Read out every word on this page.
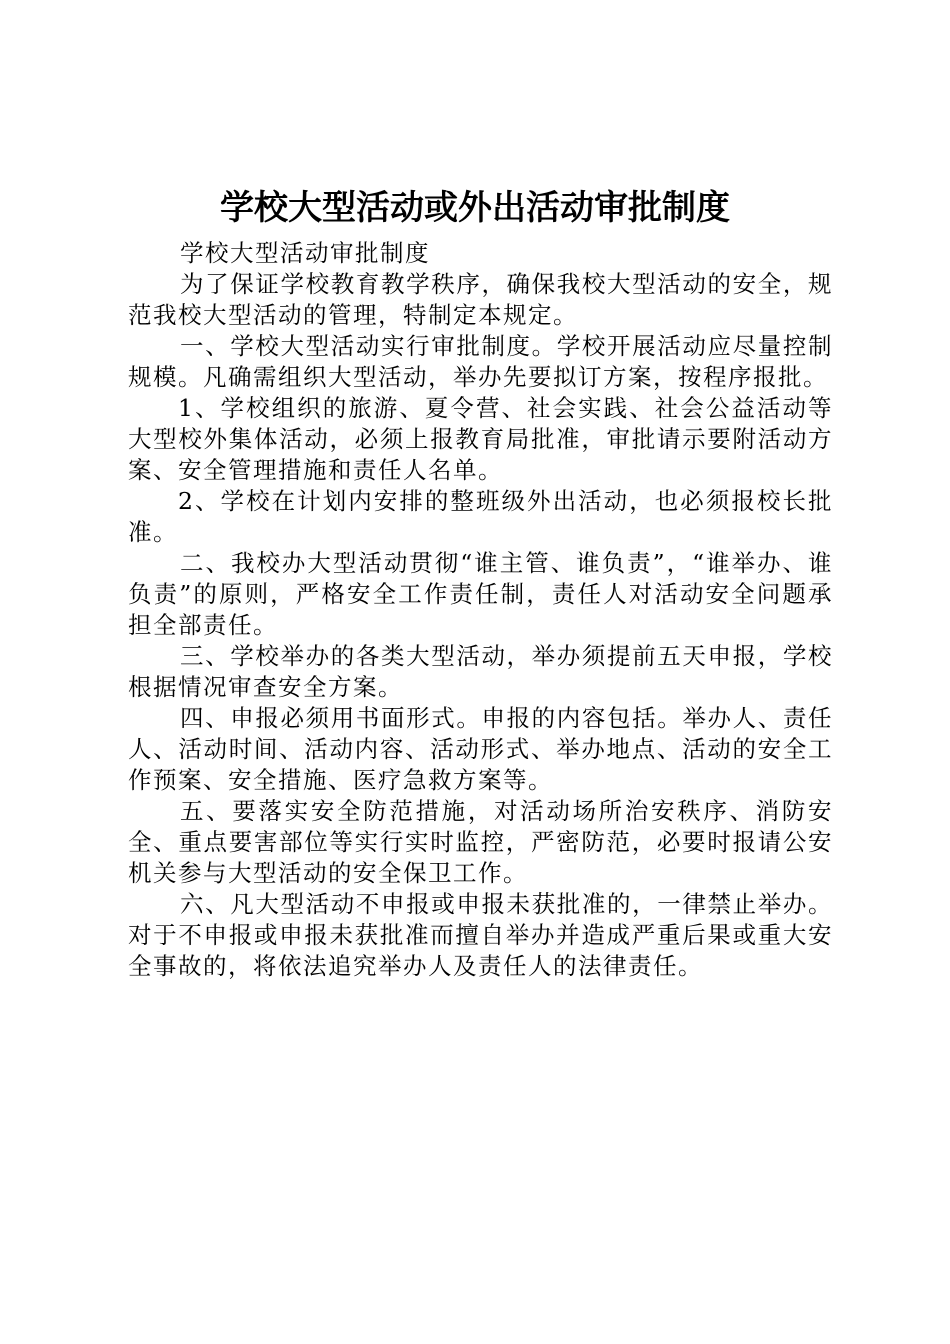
学校大型活动或外出活动审批制度

学校大型活动审批制度

为了保证学校教育教学秩序，确保我校大型活动的安全，规范我校大型活动的管理，特制定本规定。

一、学校大型活动实行审批制度。学校开展活动应尽量控制规模。凡确需组织大型活动，举办先要拟订方案，按程序报批。

1、学校组织的旅游、夏令营、社会实践、社会公益活动等大型校外集体活动，必须上报教育局批准，审批请示要附活动方案、安全管理措施和责任人名单。

2、学校在计划内安排的整班级外出活动，也必须报校长批准。

二、我校办大型活动贯彻“谁主管、谁负责”，“谁举办、谁负责”的原则，严格安全工作责任制，责任人对活动安全问题承担全部责任。

三、学校举办的各类大型活动，举办须提前五天申报，学校根据情况审查安全方案。

四、申报必须用书面形式。申报的内容包括。举办人、责任人、活动时间、活动内容、活动形式、举办地点、活动的安全工作预案、安全措施、医疗急救方案等。

五、要落实安全防范措施，对活动场所治安秩序、消防安全、重点要害部位等实行实时监控，严密防范，必要时报请公安机关参与大型活动的安全保卫工作。

六、凡大型活动不申报或申报未获批准的，一律禁止举办。对于不申报或申报未获批准而擅自举办并造成严重后果或重大安全事故的，将依法追究举办人及责任人的法律责任。
